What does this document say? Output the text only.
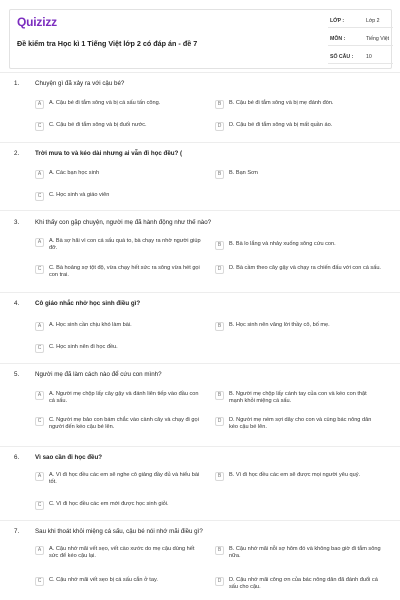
Quizizz
Đề kiểm tra Học kì 1 Tiếng Việt lớp 2 có đáp án - đề 7
LỚP :	Lớp 2
MÔN :	Tiếng Việt
SỐ CÂU : 10
1.	Chuyện gì đã xảy ra với cậu bé?
A	A. Cậu bé đi tắm sông và bị cá sấu tấn công.	B	B. Cậu bé đi tắm sông và bị mẹ đánh đòn.
C	C. Cậu bé đi tắm sông và bị đuối nước.	D	D. Cậu bé đi tắm sông và bị mất quần áo.
2.	Trời mưa to và kéo dài nhưng ai vẫn đi học đều? (
A	A. Các bạn học sinh	B	B. Bạn Sơn
C	C. Học sinh và giáo viên
3.	Khi thấy con gặp chuyện, người mẹ đã hành động như thế nào?
A	A. Bà sợ hãi vì con cá sấu quá to, bà chạy ra nhờ người giúp đỡ.
B	B. Bà lo lắng và nhảy xuống sông cứu con.
C	C. Bà hoảng sợ tột độ, vừa chạy hết sức ra sông vừa hét gọi con trai.
D	D. Bà cầm theo cây gậy và chạy ra chiến đấu với con cá sấu.
4.	Cô giáo nhắc nhở học sinh điều gì?
A	A. Học sinh cần chịu khó làm bài.	B	B. Học sinh nên vâng lời thầy cô, bố mẹ.
C	C. Học sinh nên đi học đều.
5.	Người mẹ đã làm cách nào để cứu con mình?
A	A. Người mẹ chộp lấy cây gậy và đánh liên tiếp vào đầu con cá sấu.
B	B. Người mẹ chộp lấy cánh tay của con và kéo con thật mạnh khỏi miệng cá sấu.
C	C. Người mẹ bảo con bám chắc vào cành cây và chạy đi gọi người đến kéo cậu bé lên.
D	D. Người mẹ ném sợi dây cho con và cùng bác nông dân kéo cậu bé lên.
6.	Vì sao cần đi học đều?
A	A. Vì đi học đều các em sẽ nghe cô giảng đầy đủ và hiểu bài tốt.
B	B. Vì đi học đều các em sẽ được mọi người yêu quý.
C	C. Vì đi học đều các em mới được học sinh giỏi.
7.	Sau khi thoát khỏi miệng cá sấu, cậu bé nói nhớ mãi điều gì?
A	A. Cậu nhớ mãi vết sẹo, vết cào xước do mẹ cậu dùng hết sức để kéo cậu lại.
B	B. Cậu nhớ mãi nỗi sợ hôm đó và không bao giờ đi tắm sông nữa.
C	C. Cậu nhớ mãi vết sẹo bị cá sấu cắn ở tay.	D	D. Cậu nhớ mãi công ơn của bác nông dân đã đánh đuổi cá sấu cho cậu.
